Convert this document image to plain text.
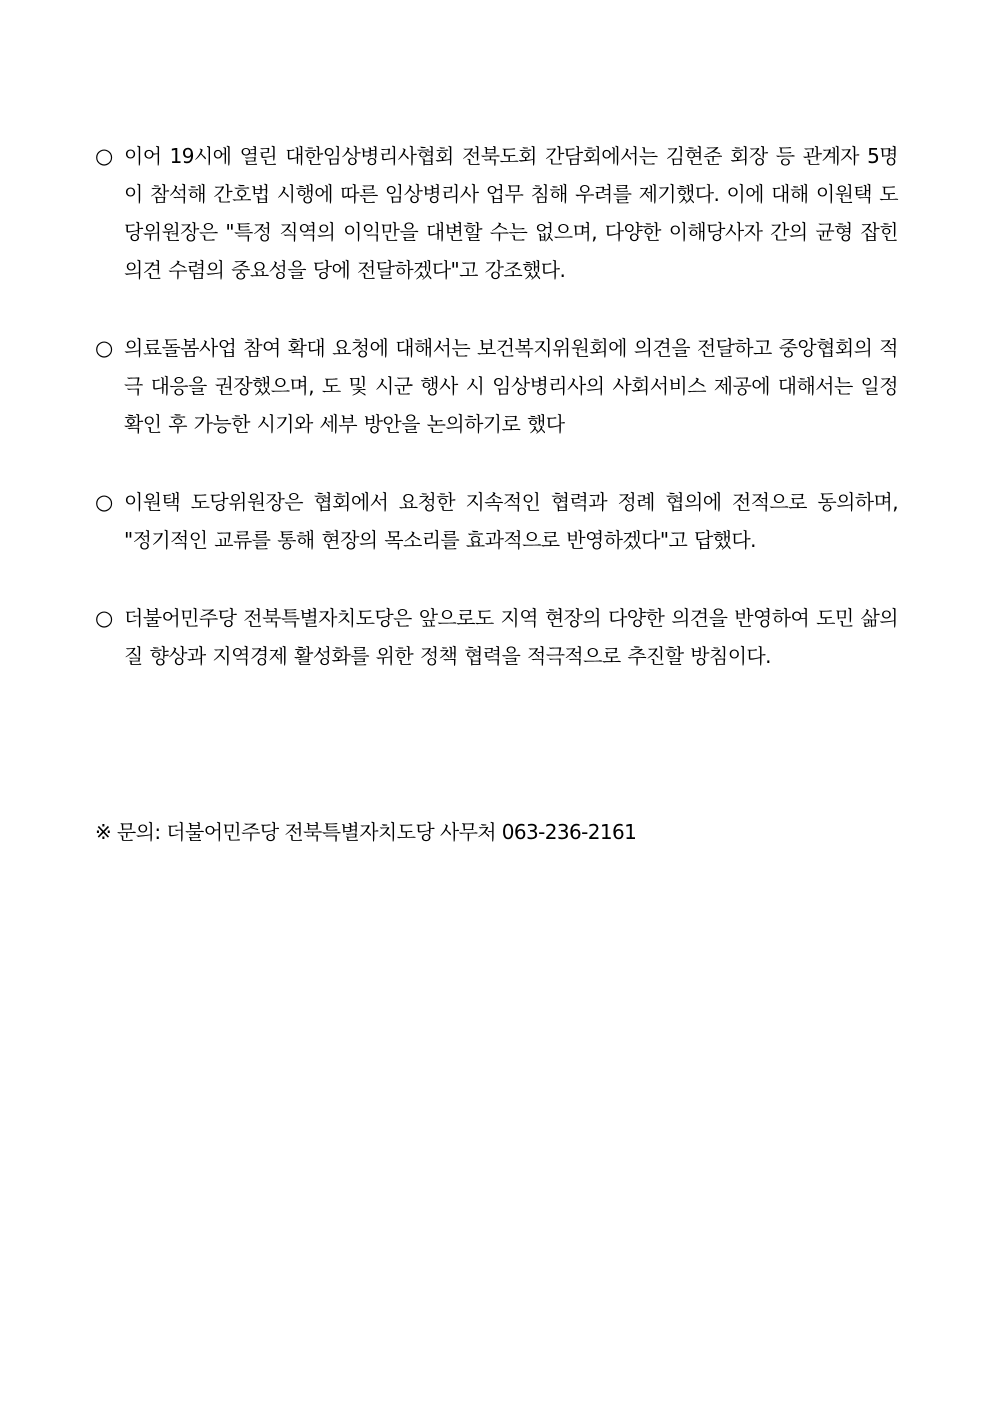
○ 이어 19시에 열린 대한임상병리사협회 전북도회 간담회에서는 김현준 회장 등 관계자 5명이 참석해 간호법 시행에 따른 임상병리사 업무 침해 우려를 제기했다. 이에 대해 이원택 도당위원장은 "특정 직역의 이익만을 대변할 수는 없으며, 다양한 이해당사자 간의 균형 잡힌 의견 수렴의 중요성을 당에 전달하겠다"고 강조했다.

○ 의료돌봄사업 참여 확대 요청에 대해서는 보건복지위원회에 의견을 전달하고 중앙협회의 적극 대응을 권장했으며, 도 및 시군 행사 시 임상병리사의 사회서비스 제공에 대해서는 일정 확인 후 가능한 시기와 세부 방안을 논의하기로 했다

○ 이원택 도당위원장은 협회에서 요청한 지속적인 협력과 정례 협의에 전적으로 동의하며, "정기적인 교류를 통해 현장의 목소리를 효과적으로 반영하겠다"고 답했다.

○ 더불어민주당 전북특별자치도당은 앞으로도 지역 현장의 다양한 의견을 반영하여 도민 삶의 질 향상과 지역경제 활성화를 위한 정책 협력을 적극적으로 추진할 방침이다.

※ 문의: 더불어민주당 전북특별자치도당 사무처 063-236-2161
